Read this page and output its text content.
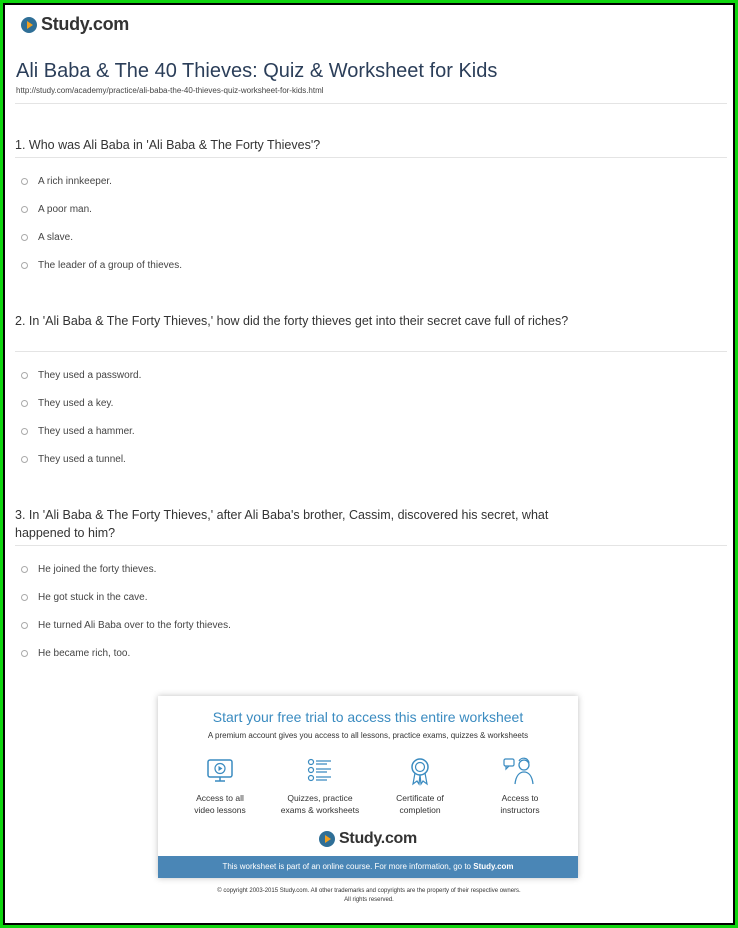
Study.com
Ali Baba & The 40 Thieves: Quiz & Worksheet for Kids
http://study.com/academy/practice/ali-baba-the-40-thieves-quiz-worksheet-for-kids.html
1. Who was Ali Baba in 'Ali Baba & The Forty Thieves'?
A rich innkeeper.
A poor man.
A slave.
The leader of a group of thieves.
2. In 'Ali Baba & The Forty Thieves,' how did the forty thieves get into their secret cave full of riches?
They used a password.
They used a key.
They used a hammer.
They used a tunnel.
3. In 'Ali Baba & The Forty Thieves,' after Ali Baba's brother, Cassim, discovered his secret, what happened to him?
He joined the forty thieves.
He got stuck in the cave.
He turned Ali Baba over to the forty thieves.
He became rich, too.
Start your free trial to access this entire worksheet
A premium account gives you access to all lessons, practice exams, quizzes & worksheets
Access to all
video lessons
Quizzes, practice
exams & worksheets
Certificate of
completion
Access to
instructors
Study.com
This worksheet is part of an online course. For more information, go to Study.com
© copyright 2003-2015 Study.com. All other trademarks and copyrights are the property of their respective owners.
All rights reserved.
